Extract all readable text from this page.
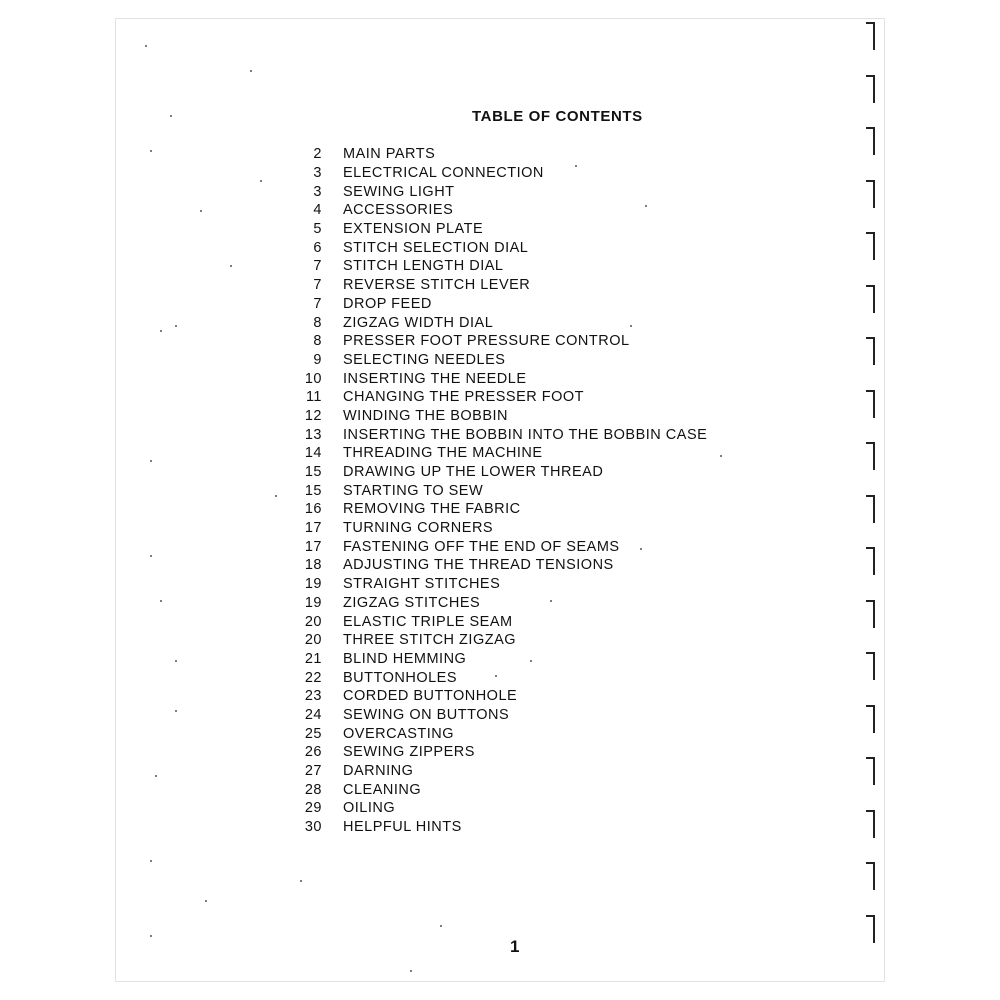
TABLE OF CONTENTS
2 MAIN PARTS
3 ELECTRICAL CONNECTION
3 SEWING LIGHT
4 ACCESSORIES
5 EXTENSION PLATE
6 STITCH SELECTION DIAL
7 STITCH LENGTH DIAL
7 REVERSE STITCH LEVER
7 DROP FEED
8 ZIGZAG WIDTH DIAL
8 PRESSER FOOT PRESSURE CONTROL
9 SELECTING NEEDLES
10 INSERTING THE NEEDLE
11 CHANGING THE PRESSER FOOT
12 WINDING THE BOBBIN
13 INSERTING THE BOBBIN INTO THE BOBBIN CASE
14 THREADING THE MACHINE
15 DRAWING UP THE LOWER THREAD
15 STARTING TO SEW
16 REMOVING THE FABRIC
17 TURNING CORNERS
17 FASTENING OFF THE END OF SEAMS
18 ADJUSTING THE THREAD TENSIONS
19 STRAIGHT STITCHES
19 ZIGZAG STITCHES
20 ELASTIC TRIPLE SEAM
20 THREE STITCH ZIGZAG
21 BLIND HEMMING
22 BUTTONHOLES
23 CORDED BUTTONHOLE
24 SEWING ON BUTTONS
25 OVERCASTING
26 SEWING ZIPPERS
27 DARNING
28 CLEANING
29 OILING
30 HELPFUL HINTS
1
